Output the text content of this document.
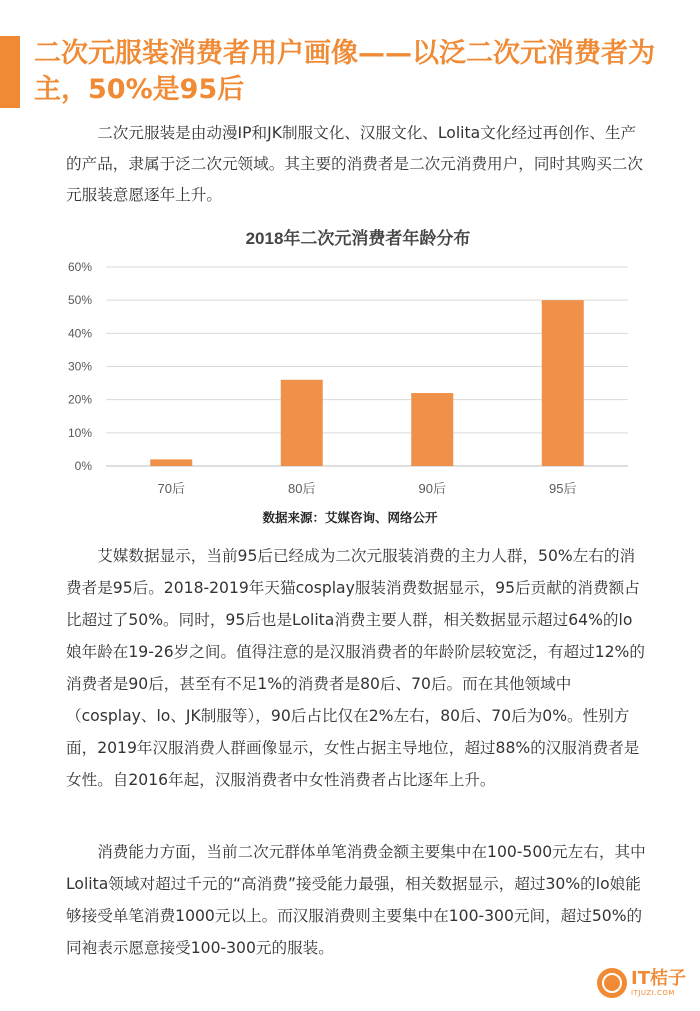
二次元服装消费者用户画像——以泛二次元消费者为主，50%是95后

二次元服装是由动漫IP和JK制服文化、汉服文化、Lolita文化经过再创作、生产的产品，隶属于泛二次元领域。其主要的消费者是二次元消费用户，同时其购买二次元服装意愿逐年上升。

2018年二次元消费者年龄分布
0%
10%
20%
30%
40%
50%
60%
70后	80后	90后	95后
数据来源：艾媒咨询、网络公开

艾媒数据显示，当前95后已经成为二次元服装消费的主力人群，50%左右的消费者是95后。2018-2019年天猫cosplay服装消费数据显示，95后贡献的消费额占比超过了50%。同时，95后也是Lolita消费主要人群，相关数据显示超过64%的lo娘年龄在19-26岁之间。值得注意的是汉服消费者的年龄阶层较宽泛，有超过12%的消费者是90后，甚至有不足1%的消费者是80后、70后。而在其他领域中（cosplay、lo、JK制服等），90后占比仅在2%左右，80后、70后为0%。性别方面，2019年汉服消费人群画像显示，女性占据主导地位，超过88%的汉服消费者是女性。自2016年起，汉服消费者中女性消费者占比逐年上升。

消费能力方面，当前二次元群体单笔消费金额主要集中在100-500元左右，其中Lolita领域对超过千元的“高消费”接受能力最强，相关数据显示，超过30%的lo娘能够接受单笔消费1000元以上。而汉服消费则主要集中在100-300元间，超过50%的同袍表示愿意接受100-300元的服装。

IT桔子
ITJUZI.COM
